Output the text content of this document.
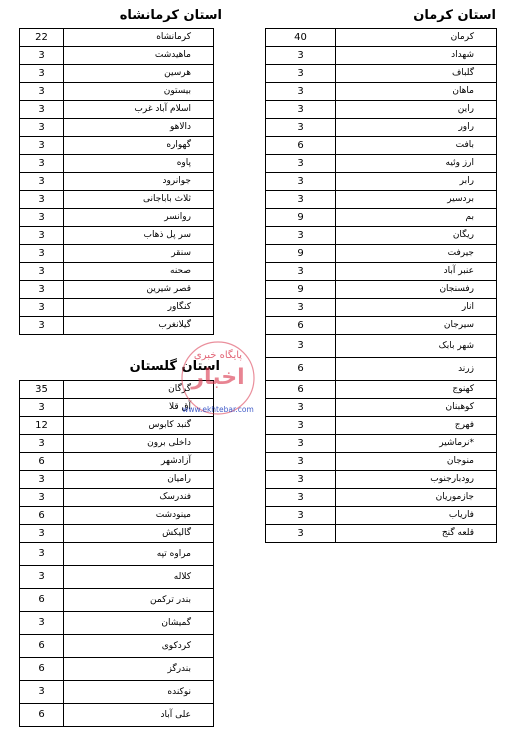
استان کرمانشاه	استان کرمان
استان گلستان
22	کرمانشاه
3	ماهیدشت
3	هرسین
3	بیستون
3	اسلام آباد غرب
3	دالاهو
3	گهواره
3	پاوه
3	جوانرود
3	ثلاث باباجانی
3	روانسر
3	سر پل ذهاب
3	سنقر
3	صحنه
3	قصر شیرین
3	کنگاور
3	گیلانغرب
40	کرمان
3	شهداد
3	گلباف
3	ماهان
3	راین
3	راور
6	بافت
3	ارز وئیه
3	رابر
3	بردسیر
9	بم
3	ریگان
9	جیرفت
3	عنبر آباد
9	رفسنجان
3	انار
6	سیرجان
3	شهر بابک
6	زرند
6	کهنوج
3	کوهبنان
3	فهرج
3	*نرماشیر
3	منوجان
3	رودبارجنوب
3	جازموریان
3	فاریاب
3	قلعه گنج
35	گرگان
3	آق قلا
12	گنبد کابوس
3	داخلی برون
6	آزادشهر
3	رامیان
3	فندرسک
6	مینودشت
3	گالیکش
3	مراوه تپه
3	کلاله
6	بندر ترکمن
3	گمیشان
6	کردکوی
6	بندرگز
3	نوکنده
6	علی آباد
پایگاه خبری
اخبار
www.ekhtebar.com
